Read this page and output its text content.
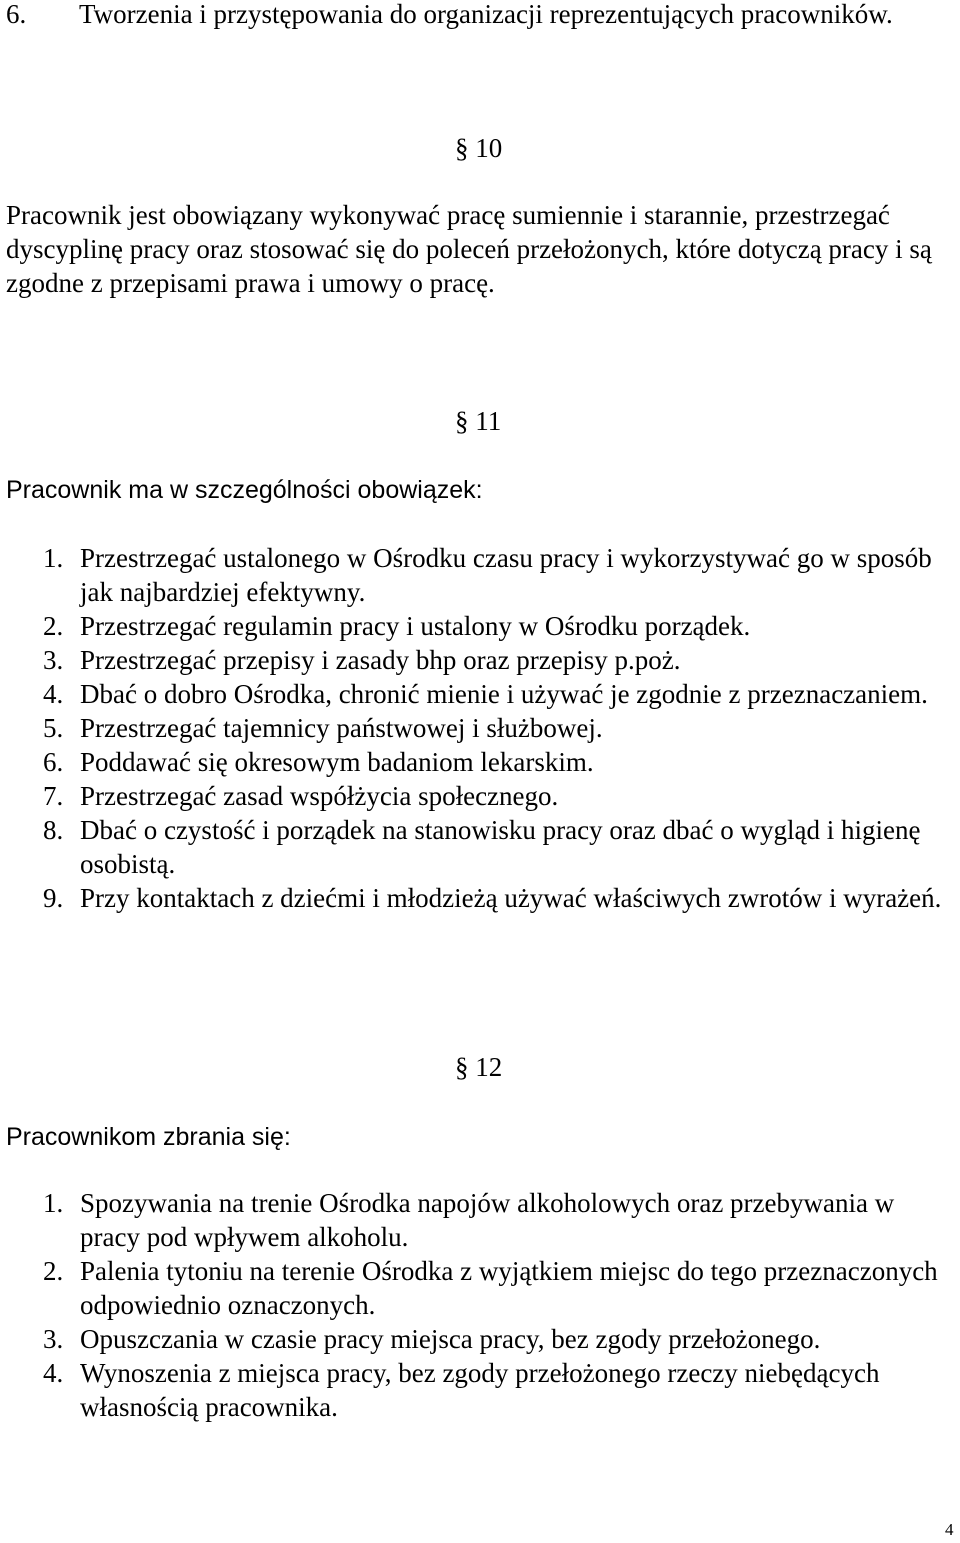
6. Tworzenia i przystępowania do organizacji reprezentujących pracowników.
§ 10
Pracownik jest obowiązany wykonywać pracę sumiennie i starannie, przestrzegać dyscyplinę pracy oraz stosować się do poleceń przełożonych, które dotyczą pracy i są zgodne z przepisami prawa i umowy o pracę.
§ 11
Pracownik ma w szczególności obowiązek:
1. Przestrzegać ustalonego w Ośrodku czasu pracy i wykorzystywać go w sposób jak najbardziej efektywny.
2. Przestrzegać regulamin pracy i ustalony w Ośrodku porządek.
3. Przestrzegać przepisy i zasady bhp oraz przepisy p.poż.
4. Dbać o dobro Ośrodka, chronić mienie i używać je zgodnie z przeznaczaniem.
5. Przestrzegać tajemnicy państwowej i służbowej.
6. Poddawać się okresowym badaniom lekarskim.
7. Przestrzegać zasad współżycia społecznego.
8. Dbać o czystość i porządek na stanowisku pracy oraz dbać o wygląd i higienę osobistą.
9. Przy kontaktach z dziećmi i młodzieżą używać właściwych zwrotów i wyrażeń.
§ 12
Pracownikom zbrania się:
1. Spozywania na trenie Ośrodka napojów alkoholowych oraz przebywania w pracy pod wpływem alkoholu.
2. Palenia tytoniu na terenie Ośrodka z wyjątkiem miejsc do tego przeznaczonych odpowiednio oznaczonych.
3. Opuszczania w czasie pracy miejsca pracy, bez zgody przełożonego.
4. Wynoszenia z miejsca pracy, bez zgody przełożonego rzeczy niebędących własnością pracownika.
4
